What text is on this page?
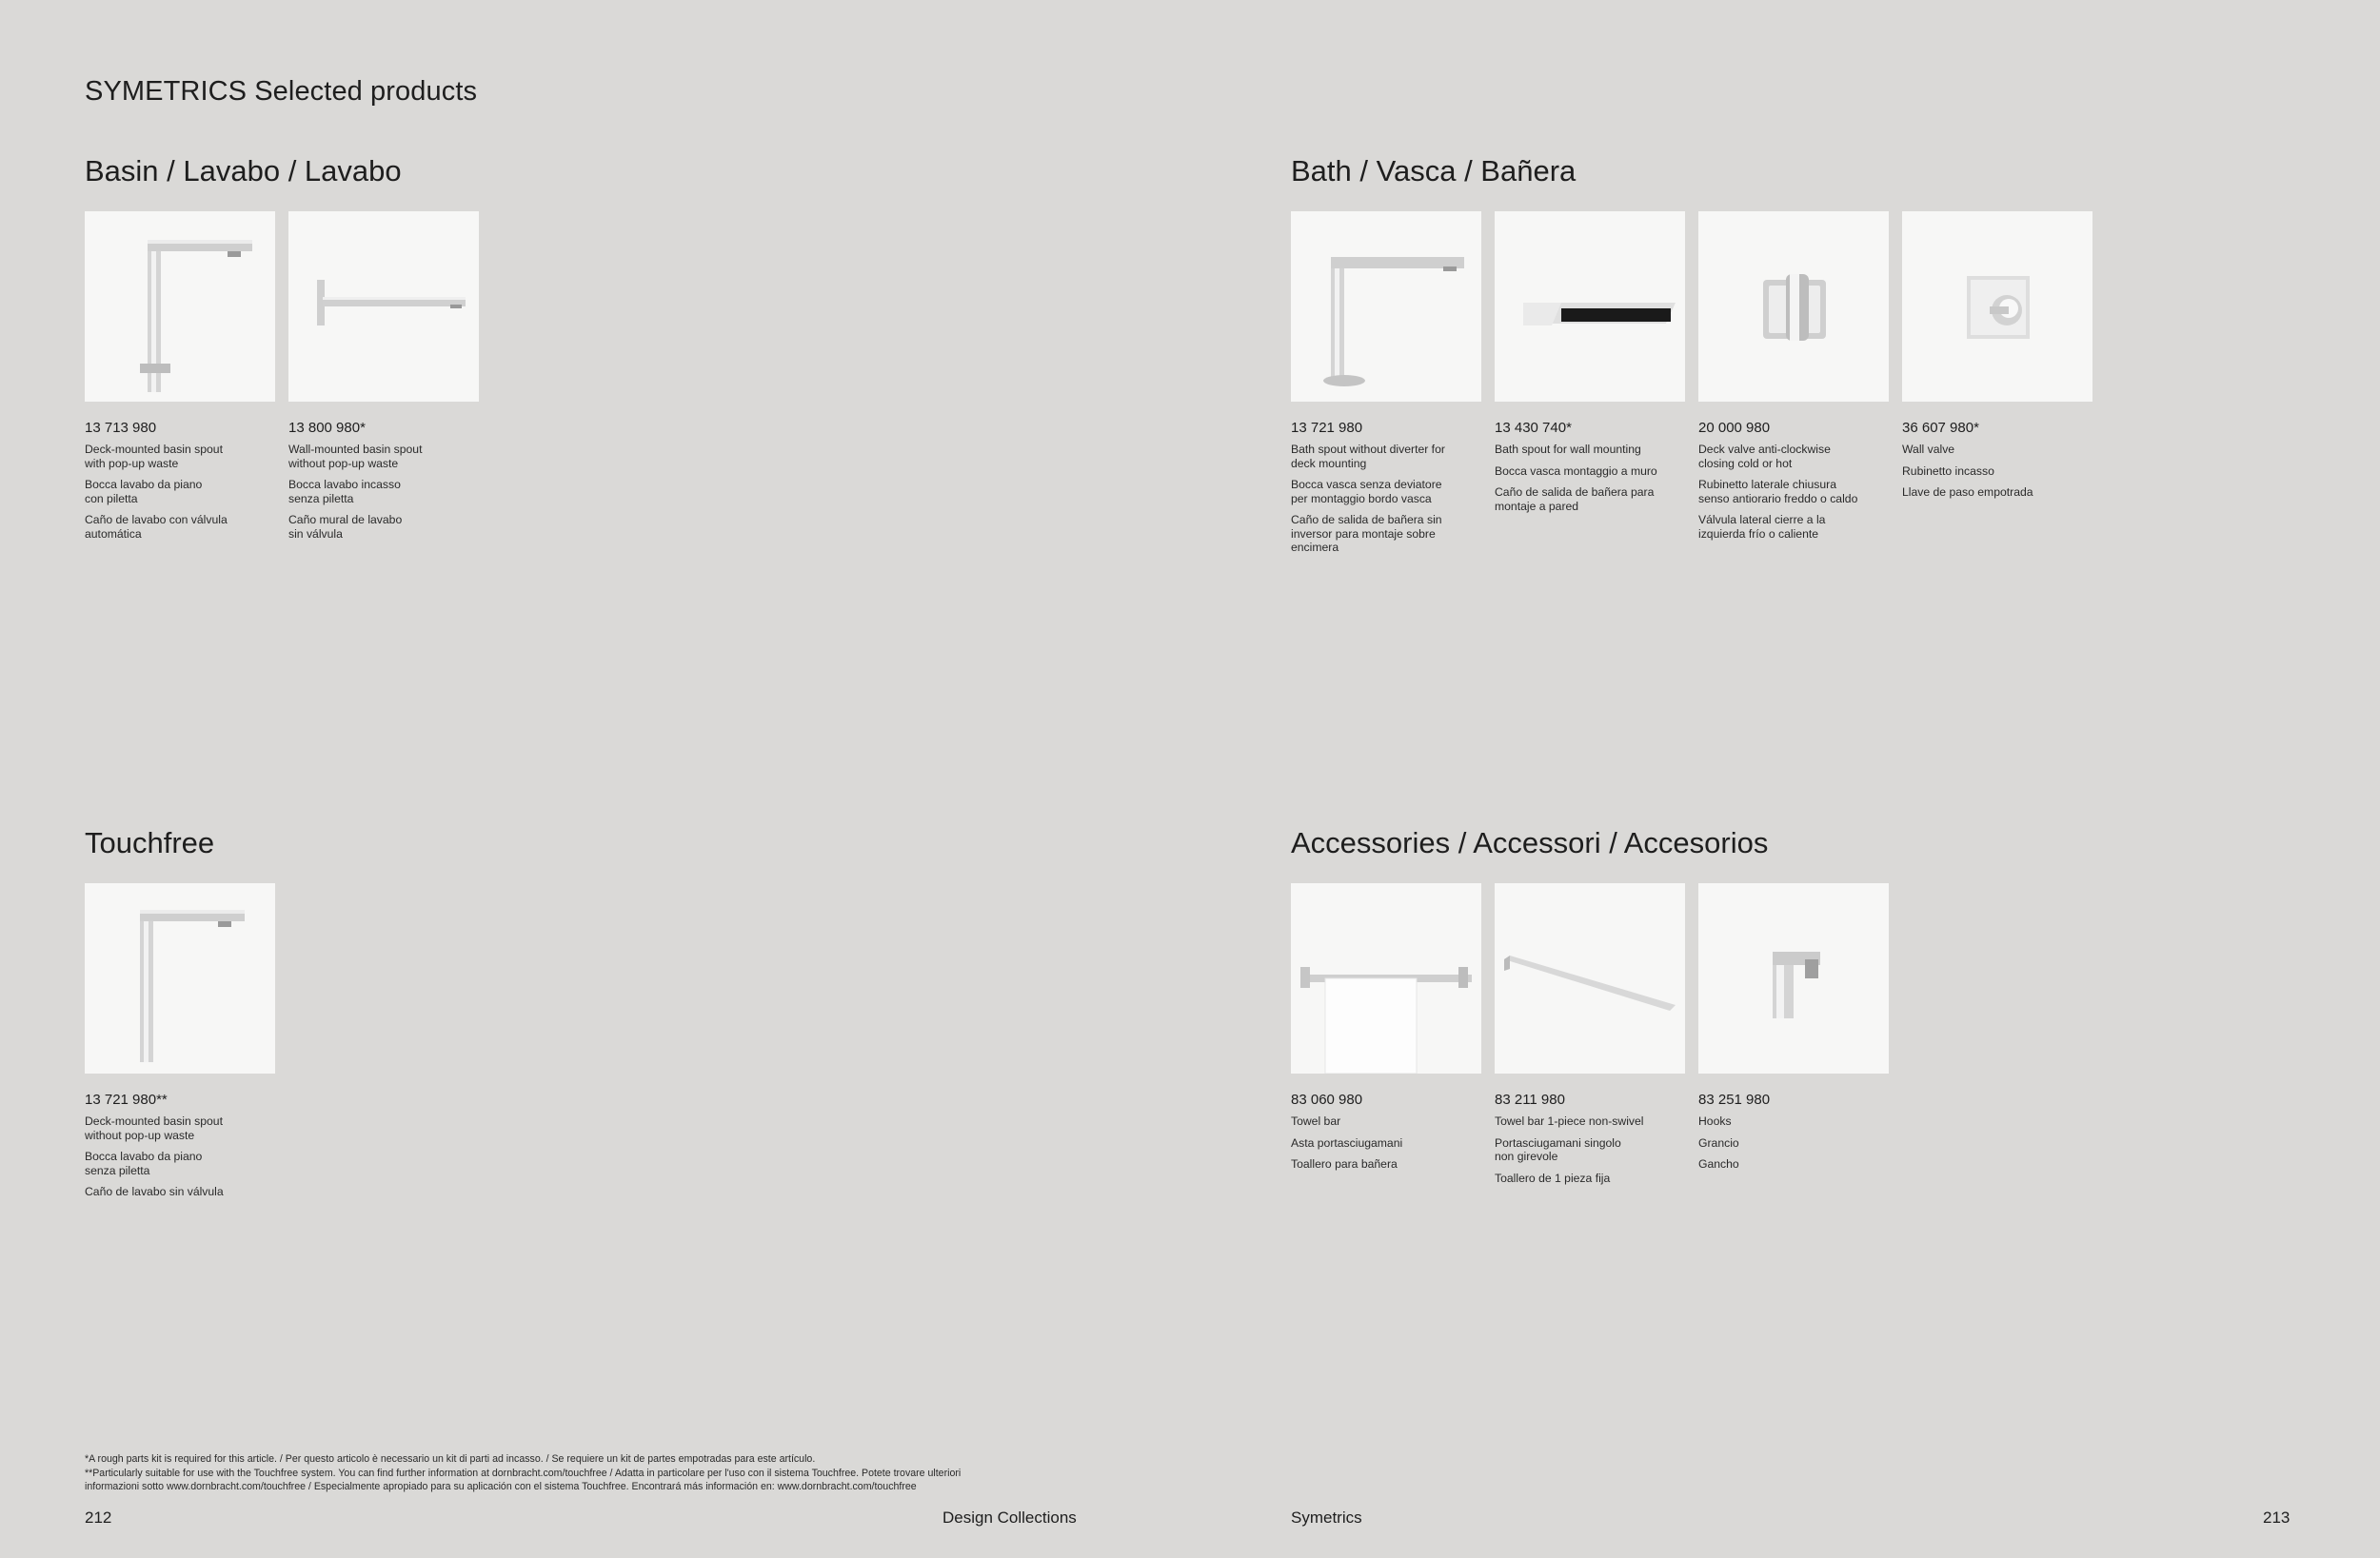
SYMETRICS Selected products
Basin / Lavabo / Lavabo
13 713 980
Deck-mounted basin spout
with pop-up waste
Bocca lavabo da piano
con piletta
Caño de lavabo con válvula
automática
13 800 980*
Wall-mounted basin spout
without pop-up waste
Bocca lavabo incasso
senza piletta
Caño mural de lavabo
sin válvula
Bath / Vasca / Bañera
13 721 980
Bath spout without diverter for
deck mounting
Bocca vasca senza deviatore
per montaggio bordo vasca
Caño de salida de bañera sin
inversor para montaje sobre
encimera
13 430 740*
Bath spout for wall mounting
Bocca vasca montaggio a muro
Caño de salida de bañera para
montaje a pared
20 000 980
Deck valve anti-clockwise
closing cold or hot
Rubinetto laterale chiusura
senso antiorario freddo o caldo
Válvula lateral cierre a la
izquierda frío o caliente
36 607 980*
Wall valve
Rubinetto incasso
Llave de paso empotrada
Touchfree
13 721 980**
Deck-mounted basin spout
without pop-up waste
Bocca lavabo da piano
senza piletta
Caño de lavabo sin válvula
Accessories / Accessori / Accesorios
83 060 980
Towel bar
Asta portasciugamani
Toallero para bañera
83 211 980
Towel bar 1-piece non-swivel
Portasciugamani singolo
non girevole
Toallero de 1 pieza fija
83 251 980
Hooks
Grancio
Gancho
*A rough parts kit is required for this article. / Per questo articolo è necessario un kit di parti ad incasso. / Se requiere un kit de partes empotradas para este artículo.
**Particularly suitable for use with the Touchfree system. You can find further information at dornbracht.com/touchfree / Adatta in particolare per l'uso con il sistema Touchfree. Potete trovare ulteriori
informazioni sotto www.dornbracht.com/touchfree / Especialmente apropiado para su aplicación con el sistema Touchfree. Encontrará más información en: www.dornbracht.com/touchfree
212	Design Collections	Symetrics	213
